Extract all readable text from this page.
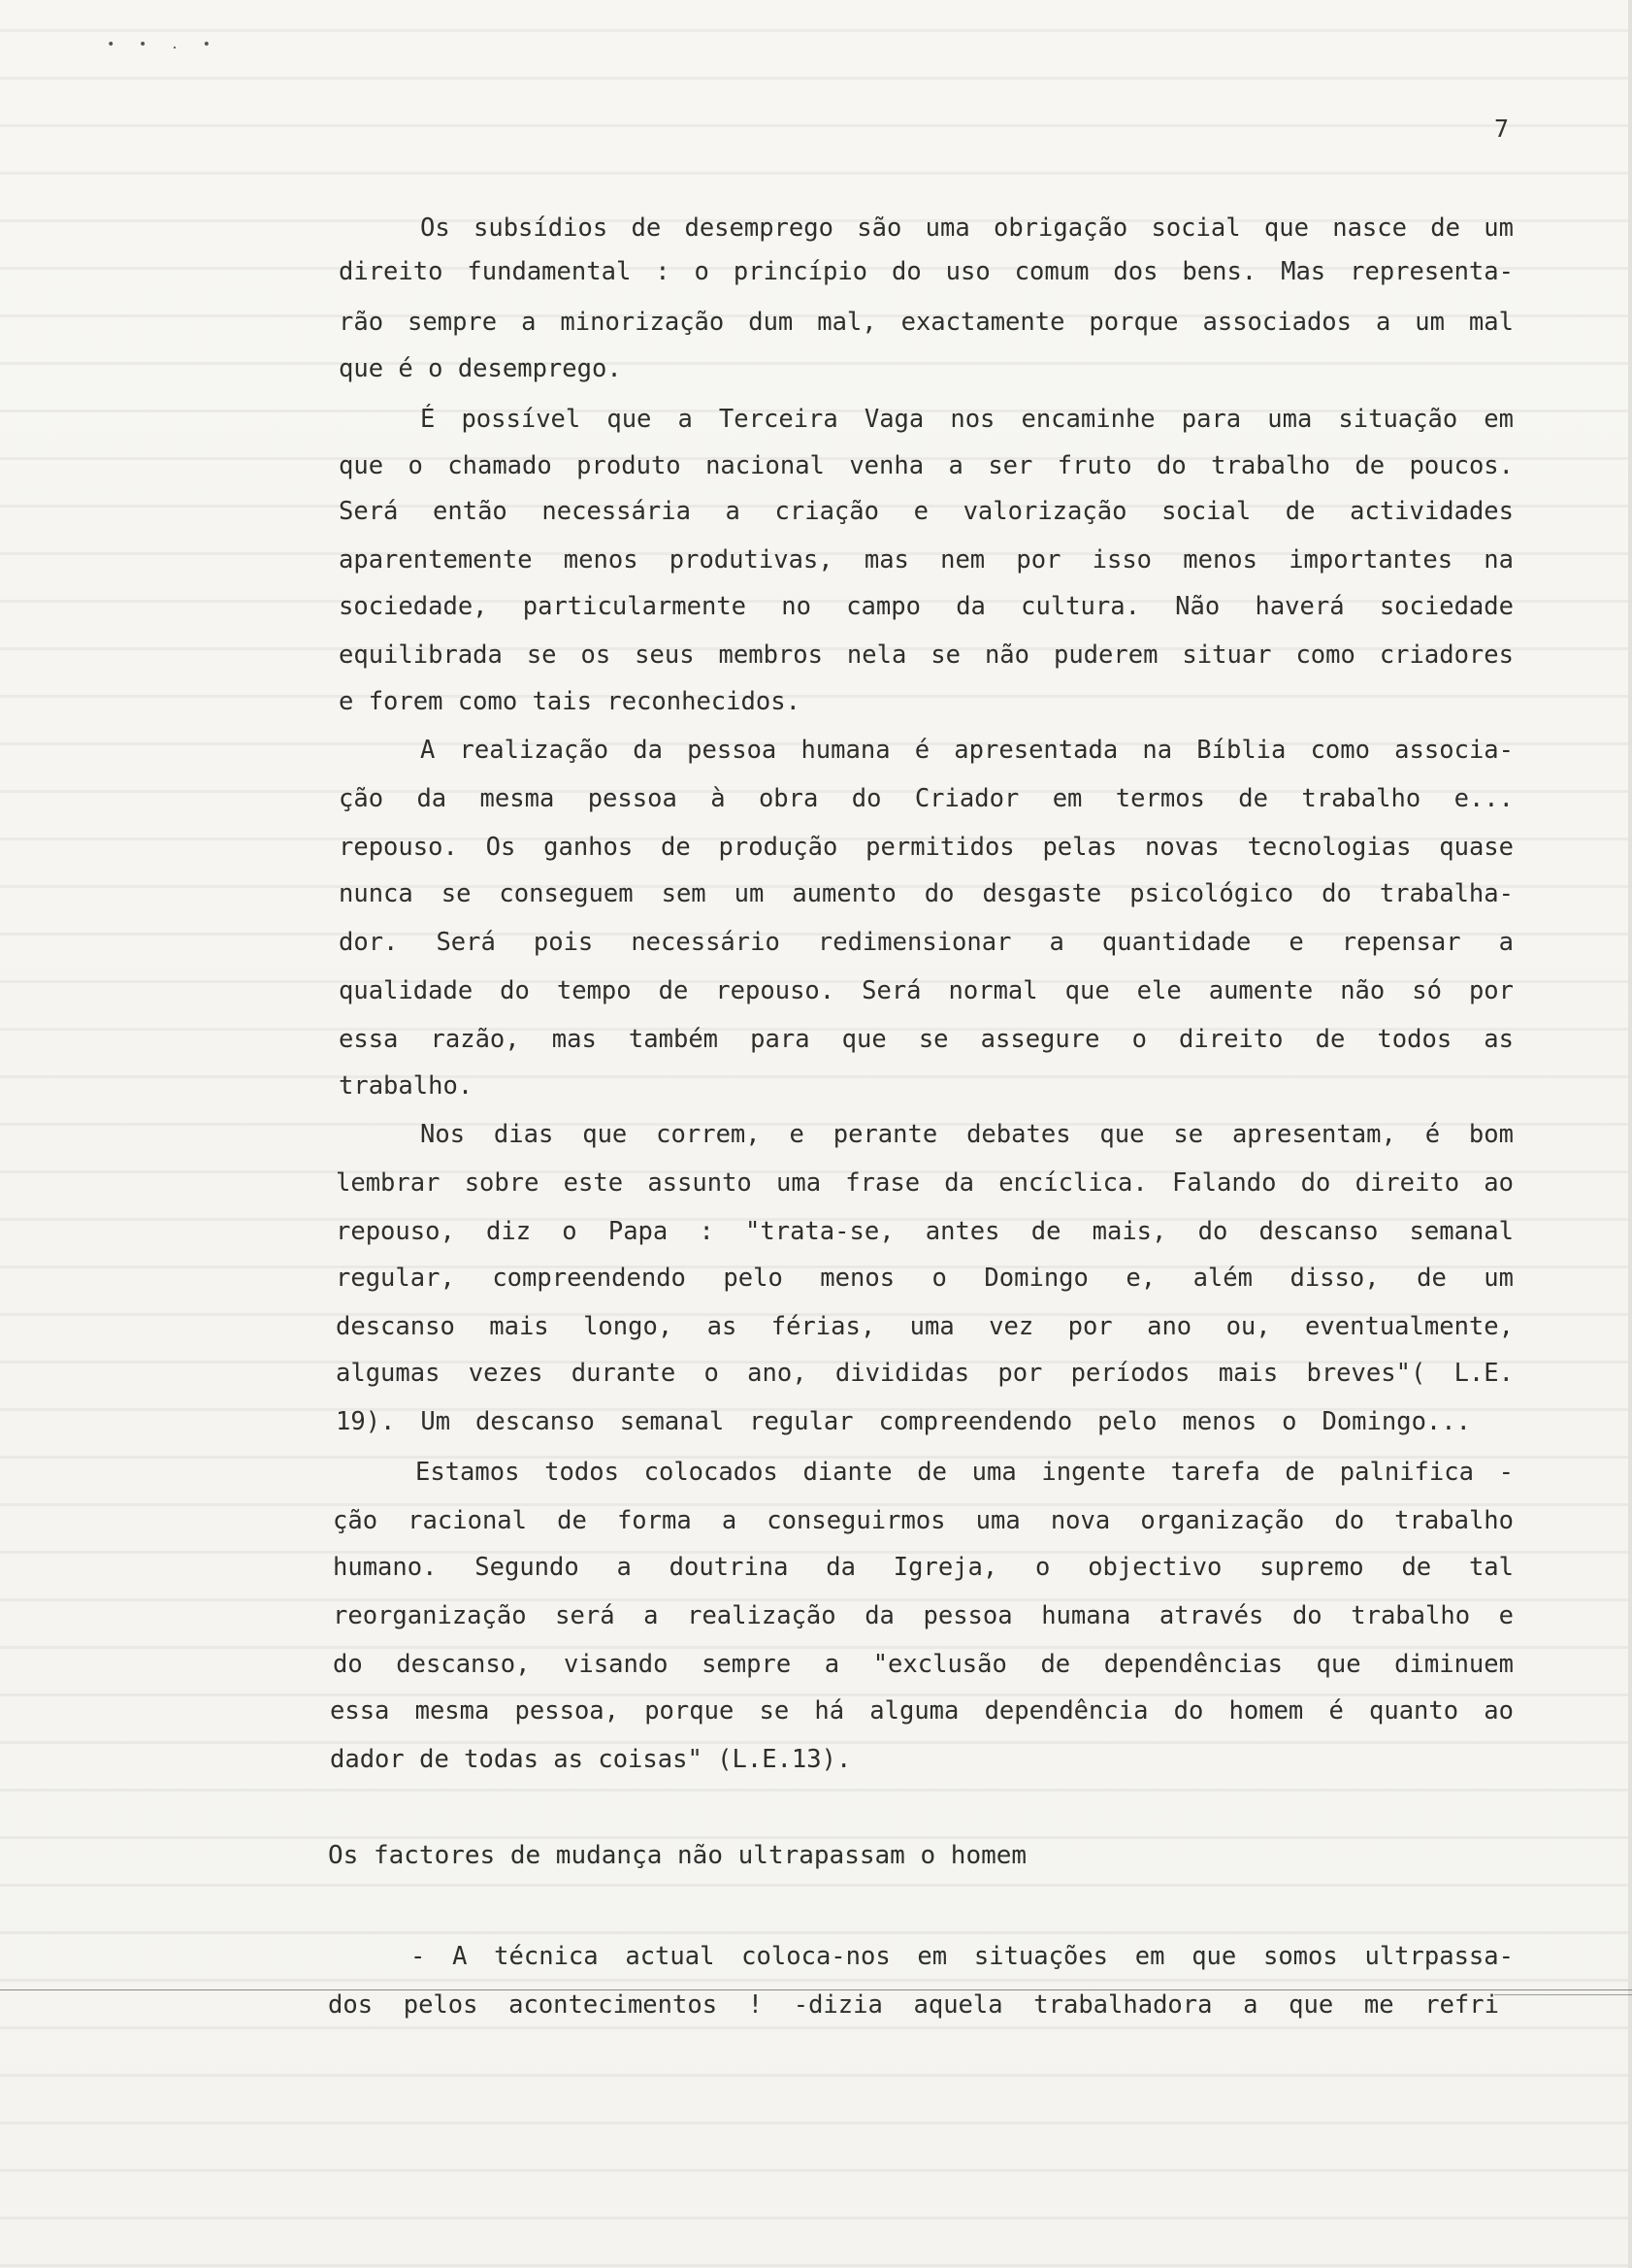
• • . •
7
Os subsídios de desemprego são uma obrigação social que nasce de um
direito fundamental : o princípio do uso comum dos bens. Mas representa-
rão sempre a minorização dum mal, exactamente porque associados a um mal
que é o desemprego.
É possível que a Terceira Vaga nos encaminhe para uma situação em
que o chamado produto nacional venha a ser fruto do trabalho de poucos.
Será então necessária a criação e valorização social de actividades
aparentemente menos produtivas, mas nem por isso menos importantes na
sociedade, particularmente no campo da cultura. Não haverá sociedade
equilibrada se os seus membros nela se não puderem situar como criadores
e forem como tais reconhecidos.
A realização da pessoa humana é apresentada na Bíblia como associa-
ção da mesma pessoa à obra do Criador em termos de trabalho e...
repouso. Os ganhos de produção permitidos pelas novas tecnologias quase
nunca se conseguem sem um aumento do desgaste psicológico do trabalha-
dor. Será pois necessário redimensionar a quantidade e repensar a
qualidade do tempo de repouso. Será normal que ele aumente não só por
essa razão, mas também para que se assegure o direito de todos as
trabalho.
Nos dias que correm, e perante debates que se apresentam, é bom
lembrar sobre este assunto uma frase da encíclica. Falando do direito ao
repouso, diz o Papa : "trata-se, antes de mais, do descanso semanal
regular, compreendendo pelo menos o Domingo e, além disso, de um
descanso mais longo, as férias, uma vez por ano ou, eventualmente,
algumas vezes durante o ano, divididas por períodos mais breves"( L.E.
19). Um descanso semanal regular compreendendo pelo menos o Domingo...
Estamos todos colocados diante de uma ingente tarefa de palnifica -
ção racional de forma a conseguirmos uma nova organização do trabalho
humano. Segundo a doutrina da Igreja, o objectivo supremo de tal
reorganização será a realização da pessoa humana através do trabalho e
do descanso, visando sempre a "exclusão de dependências que diminuem
essa mesma pessoa, porque se há alguma dependência do homem é quanto ao
dador de todas as coisas" (L.E.13).
Os factores de mudança não ultrapassam o homem
- A técnica actual coloca-nos em situações em que somos ultrpassa-
dos pelos acontecimentos ! -dizia aquela trabalhadora a que me refri
